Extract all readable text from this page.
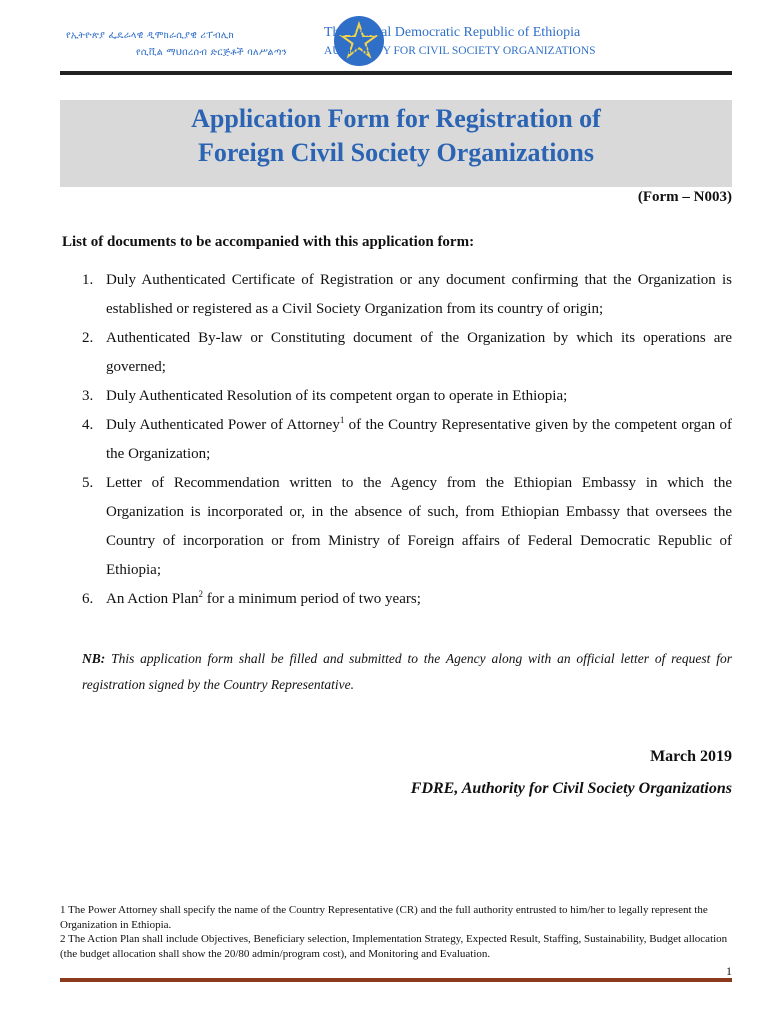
የኢትዮጵያ ፌዴራላዊ ዲሞክራሲያዊ ሪፐብሊክ
የሲቪል ማህበረሰብ ድርጅቶች ባለሥልጣን
The Federal Democratic Republic of Ethiopia
AUTHORITY FOR CIVIL SOCIETY ORGANIZATIONS
Application Form for Registration of
Foreign Civil Society Organizations
(Form – N003)
List of documents to be accompanied with this application form:
1. Duly Authenticated Certificate of Registration or any document confirming that the Organization is established or registered as a Civil Society Organization from its country of origin;
2. Authenticated By-law or Constituting document of the Organization by which its operations are governed;
3. Duly Authenticated Resolution of its competent organ to operate in Ethiopia;
4. Duly Authenticated Power of Attorney$^1$ of the Country Representative given by the competent organ of the Organization;
5. Letter of Recommendation written to the Agency from the Ethiopian Embassy in which the Organization is incorporated or, in the absence of such, from Ethiopian Embassy that oversees the Country of incorporation or from Ministry of Foreign affairs of Federal Democratic Republic of Ethiopia;
6. An Action Plan$^2$ for a minimum period of two years;
NB: This application form shall be filled and submitted to the Agency along with an official letter of request for registration signed by the Country Representative.
March 2019
FDRE, Authority for Civil Society Organizations
1 The Power Attorney shall specify the name of the Country Representative (CR) and the full authority entrusted to him/her to legally represent the Organization in Ethiopia.
2 The Action Plan shall include Objectives, Beneficiary selection, Implementation Strategy, Expected Result, Staffing, Sustainability, Budget allocation (the budget allocation shall show the 20/80 admin/program cost), and Monitoring and Evaluation.
1
